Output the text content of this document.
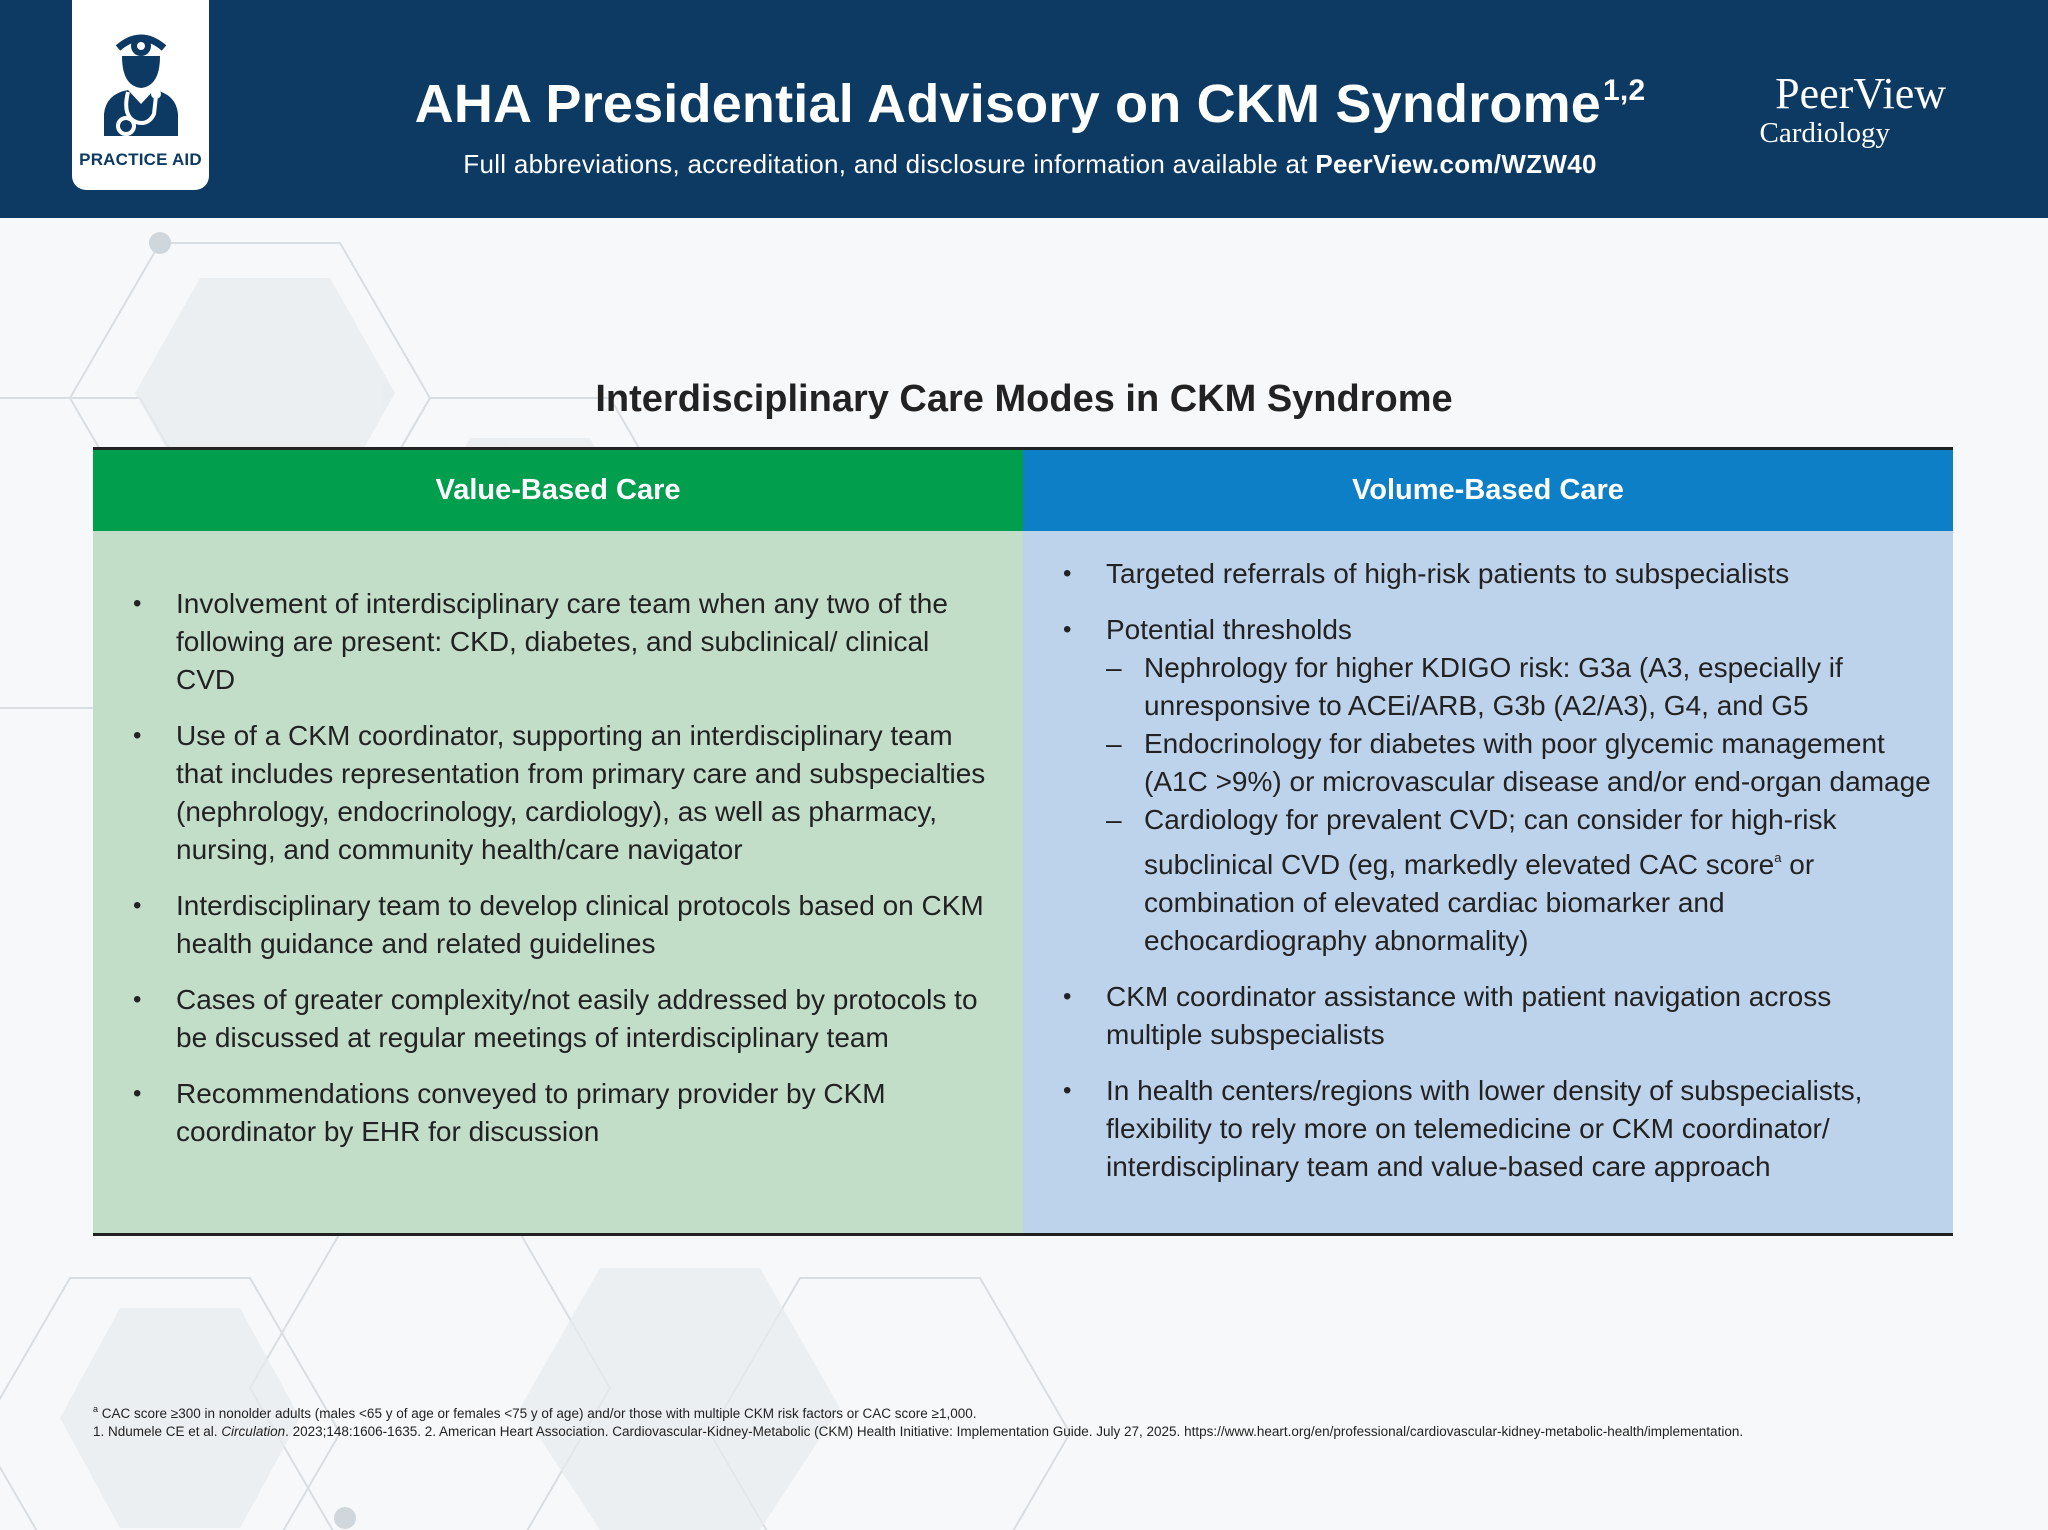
PRACTICE AID
AHA Presidential Advisory on CKM Syndrome$^{1,2}$
Full abbreviations, accreditation, and disclosure information available at PeerView.com/WZW40
PeerView
Cardiology
Interdisciplinary Care Modes in CKM Syndrome
Value-Based Care
• Involvement of interdisciplinary care team when any two of the following are present: CKD, diabetes, and subclinical/ clinical CVD
• Use of a CKM coordinator, supporting an interdisciplinary team that includes representation from primary care and subspecialties (nephrology, endocrinology, cardiology), as well as pharmacy, nursing, and community health/care navigator
• Interdisciplinary team to develop clinical protocols based on CKM health guidance and related guidelines
• Cases of greater complexity/not easily addressed by protocols to be discussed at regular meetings of interdisciplinary team
• Recommendations conveyed to primary provider by CKM coordinator by EHR for discussion
Volume-Based Care
• Targeted referrals of high-risk patients to subspecialists
• Potential thresholds
– Nephrology for higher KDIGO risk: G3a (A3, especially if unresponsive to ACEi/ARB, G3b (A2/A3), G4, and G5
– Endocrinology for diabetes with poor glycemic management (A1C >9%) or microvascular disease and/or end-organ damage
– Cardiology for prevalent CVD; can consider for high-risk subclinical CVD (eg, markedly elevated CAC score$^a$ or combination of elevated cardiac biomarker and echocardiography abnormality)
• CKM coordinator assistance with patient navigation across multiple subspecialists
• In health centers/regions with lower density of subspecialists, flexibility to rely more on telemedicine or CKM coordinator/ interdisciplinary team and value-based care approach
$^a$ CAC score ≥300 in nonolder adults (males <65 y of age or females <75 y of age) and/or those with multiple CKM risk factors or CAC score ≥1,000.
1. Ndumele CE et al. Circulation. 2023;148:1606-1635. 2. American Heart Association. Cardiovascular-Kidney-Metabolic (CKM) Health Initiative: Implementation Guide. July 27, 2025. https://www.heart.org/en/professional/cardiovascular-kidney-metabolic-health/implementation.
